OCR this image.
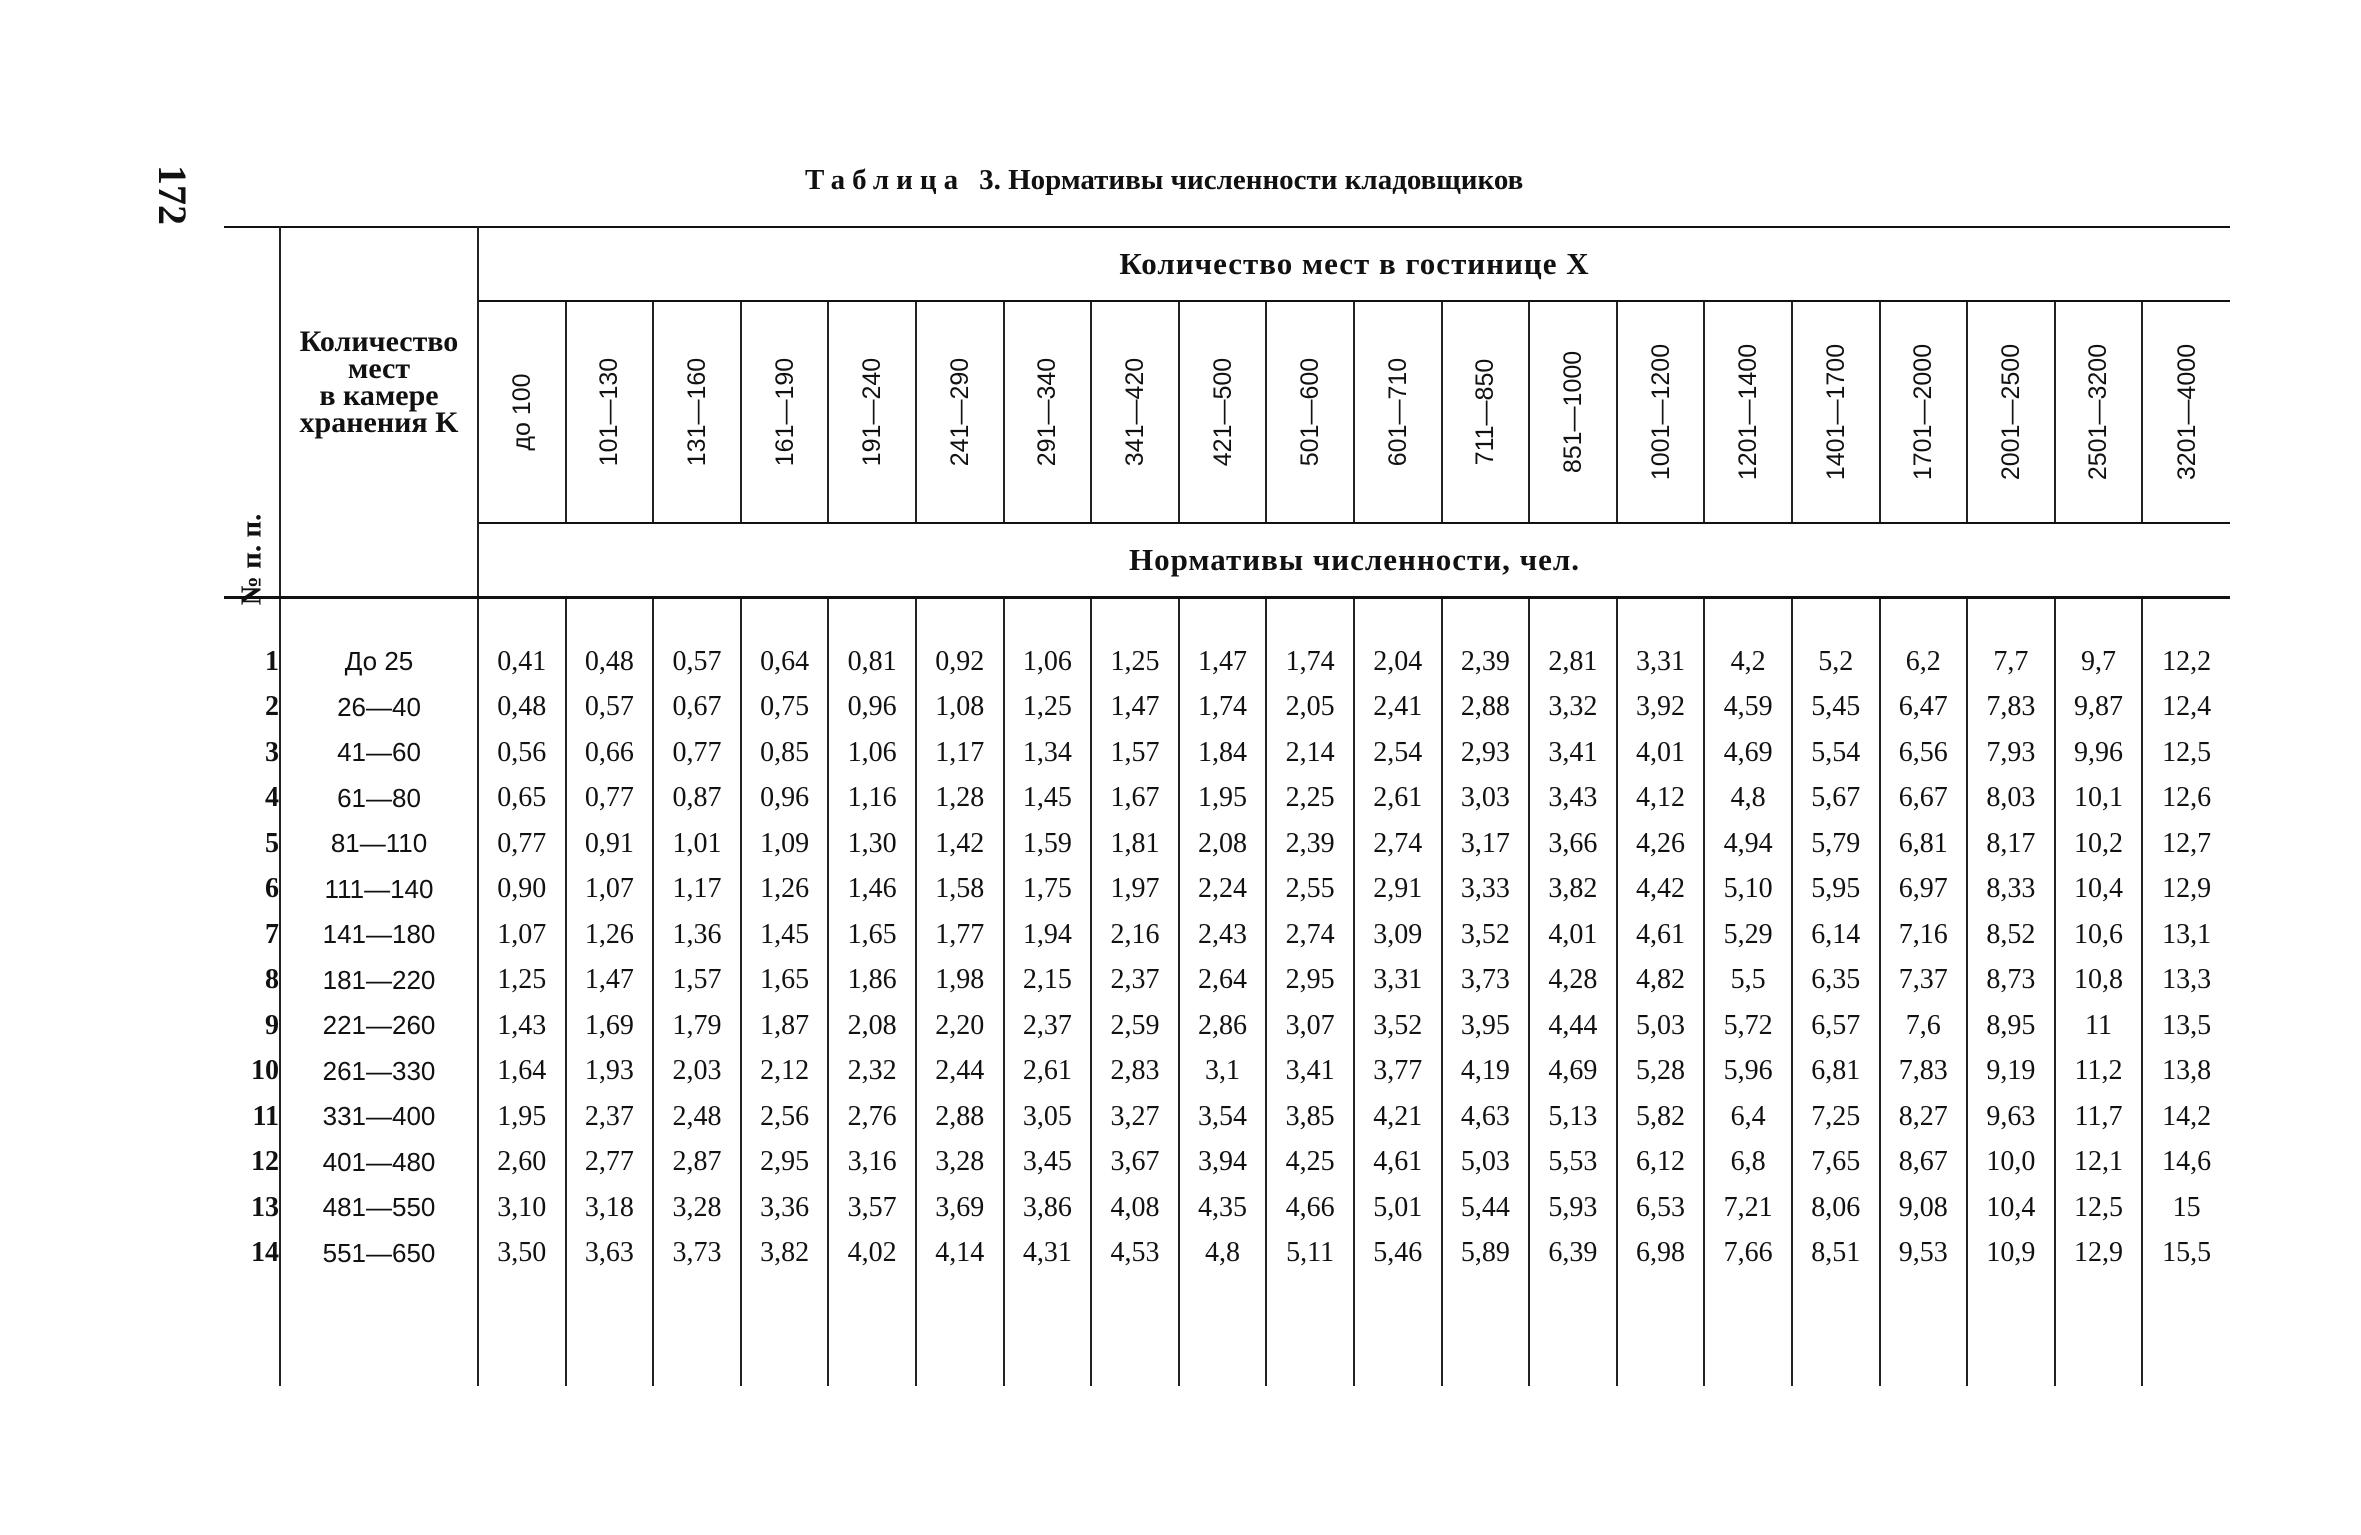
172	Таблица 3. Нормативы численности кладовщиков
№ п. п.	Количество
мест
в камере
хранения K	Количество мест в гостинице X																			

		до 100	101—130	131—160	161—190	191—240	241—290	291—340	341—420	421—500	501—600	601—710	711—850	851—1000	1001—1200	1201—1400	1401—1700	1701—2000	2001—2500	2501—3200	3201—4000

		Нормативы численности, чел.																			

1	До 25	0,41	0,48	0,57	0,64	0,81	0,92	1,06	1,25	1,47	1,74	2,04	2,39	2,81	3,31	4,2	5,2	6,2	7,7	9,7	12,2
2	26—40	0,48	0,57	0,67	0,75	0,96	1,08	1,25	1,47	1,74	2,05	2,41	2,88	3,32	3,92	4,59	5,45	6,47	7,83	9,87	12,4
3	41—60	0,56	0,66	0,77	0,85	1,06	1,17	1,34	1,57	1,84	2,14	2,54	2,93	3,41	4,01	4,69	5,54	6,56	7,93	9,96	12,5
4	61—80	0,65	0,77	0,87	0,96	1,16	1,28	1,45	1,67	1,95	2,25	2,61	3,03	3,43	4,12	4,8	5,67	6,67	8,03	10,1	12,6
5	81—110	0,77	0,91	1,01	1,09	1,30	1,42	1,59	1,81	2,08	2,39	2,74	3,17	3,66	4,26	4,94	5,79	6,81	8,17	10,2	12,7
6	111—140	0,90	1,07	1,17	1,26	1,46	1,58	1,75	1,97	2,24	2,55	2,91	3,33	3,82	4,42	5,10	5,95	6,97	8,33	10,4	12,9
7	141—180	1,07	1,26	1,36	1,45	1,65	1,77	1,94	2,16	2,43	2,74	3,09	3,52	4,01	4,61	5,29	6,14	7,16	8,52	10,6	13,1
8	181—220	1,25	1,47	1,57	1,65	1,86	1,98	2,15	2,37	2,64	2,95	3,31	3,73	4,28	4,82	5,5	6,35	7,37	8,73	10,8	13,3
9	221—260	1,43	1,69	1,79	1,87	2,08	2,20	2,37	2,59	2,86	3,07	3,52	3,95	4,44	5,03	5,72	6,57	7,6	8,95	11	13,5
10	261—330	1,64	1,93	2,03	2,12	2,32	2,44	2,61	2,83	3,1	3,41	3,77	4,19	4,69	5,28	5,96	6,81	7,83	9,19	11,2	13,8
11	331—400	1,95	2,37	2,48	2,56	2,76	2,88	3,05	3,27	3,54	3,85	4,21	4,63	5,13	5,82	6,4	7,25	8,27	9,63	11,7	14,2
12	401—480	2,60	2,77	2,87	2,95	3,16	3,28	3,45	3,67	3,94	4,25	4,61	5,03	5,53	6,12	6,8	7,65	8,67	10,0	12,1	14,6
13	481—550	3,10	3,18	3,28	3,36	3,57	3,69	3,86	4,08	4,35	4,66	5,01	5,44	5,93	6,53	7,21	8,06	9,08	10,4	12,5	15
14	551—650	3,50	3,63	3,73	3,82	4,02	4,14	4,31	4,53	4,8	5,11	5,46	5,89	6,39	6,98	7,66	8,51	9,53	10,9	12,9	15,5
